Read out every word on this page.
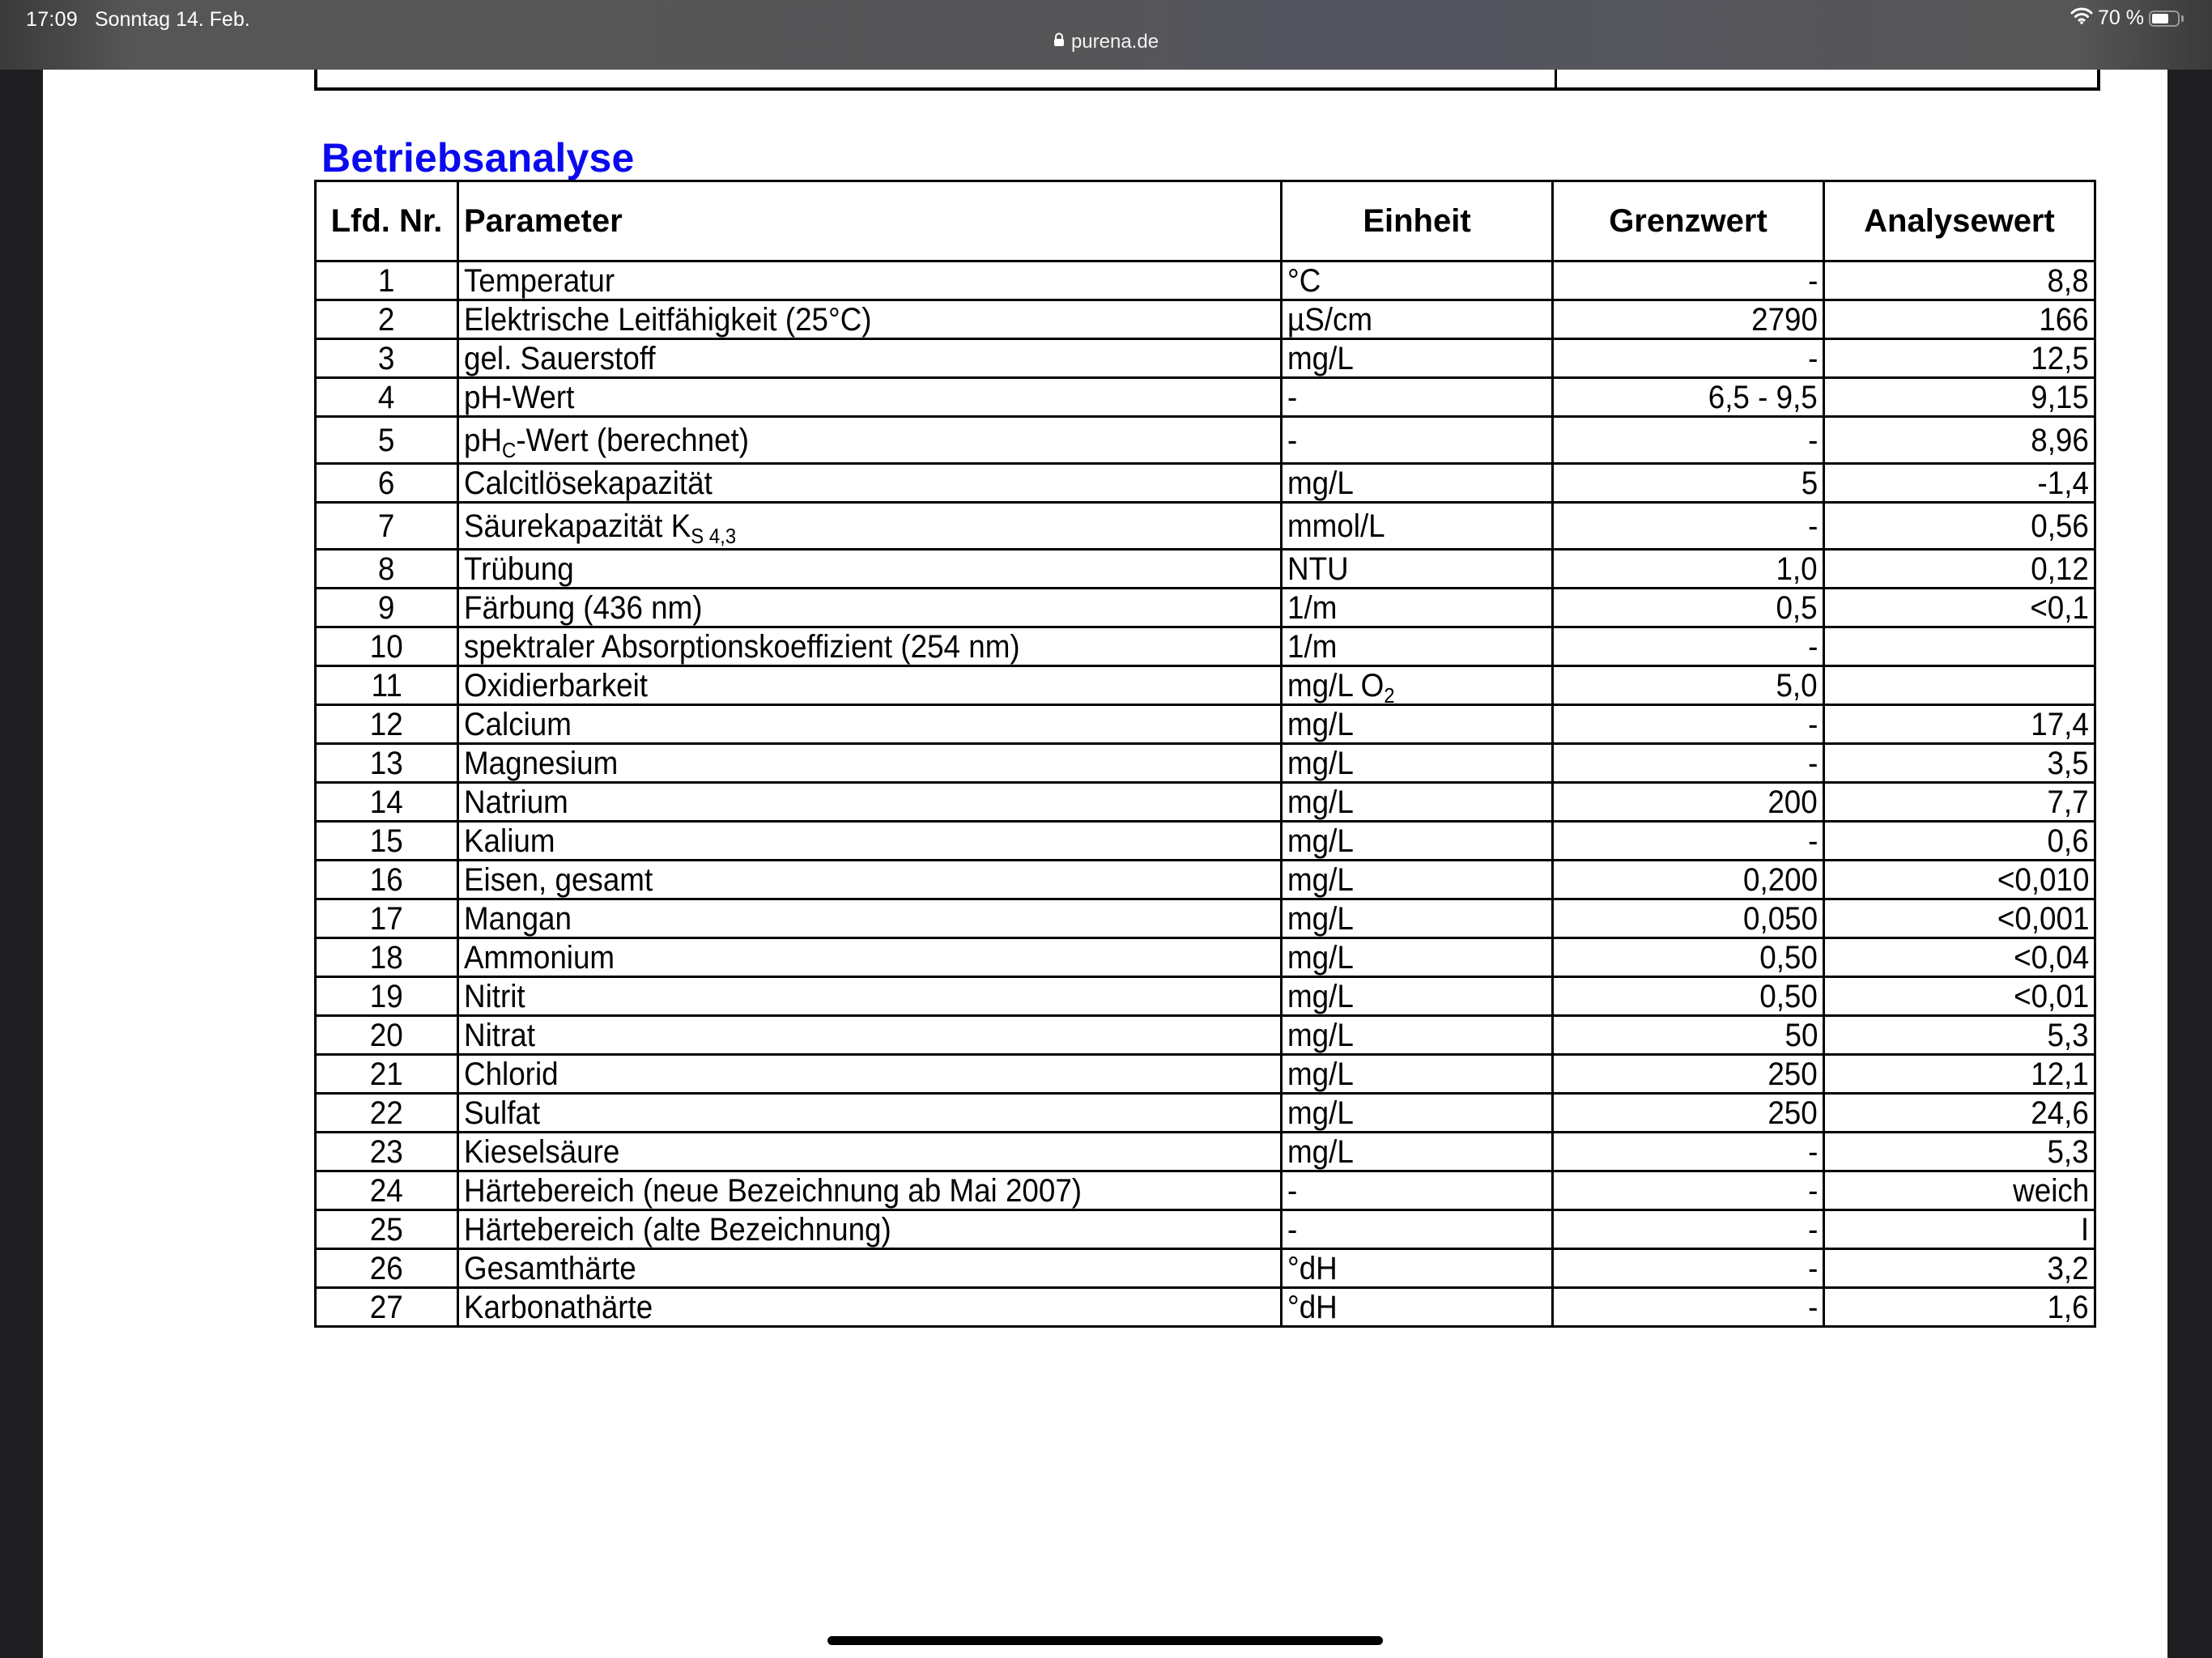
17:09 Sonntag 14. Feb.
purena.de
70 %
Betriebsanalyse
Lfd. Nr.	Parameter	Einheit	Grenzwert	Analysewert
1	Temperatur	°C	-	8,8
2	Elektrische Leitfähigkeit (25°C)	µS/cm	2790	166
3	gel. Sauerstoff	mg/L	-	12,5
4	pH-Wert	-	6,5 - 9,5	9,15
5	$pH_C$-Wert (berechnet)	-	-	8,96
6	Calcitlösekapazität	mg/L	5	-1,4
7	Säurekapazität $K_{S 4,3}$	mmol/L	-	0,56
8	Trübung	NTU	1,0	0,12
9	Färbung (436 nm)	1/m	0,5	<0,1
10	spektraler Absorptionskoeffizient (254 nm)	1/m	-	
11	Oxidierbarkeit	mg/L $O_2$	5,0	
12	Calcium	mg/L	-	17,4
13	Magnesium	mg/L	-	3,5
14	Natrium	mg/L	200	7,7
15	Kalium	mg/L	-	0,6
16	Eisen, gesamt	mg/L	0,200	<0,010
17	Mangan	mg/L	0,050	<0,001
18	Ammonium	mg/L	0,50	<0,04
19	Nitrit	mg/L	0,50	<0,01
20	Nitrat	mg/L	50	5,3
21	Chlorid	mg/L	250	12,1
22	Sulfat	mg/L	250	24,6
23	Kieselsäure	mg/L	-	5,3
24	Härtebereich (neue Bezeichnung ab Mai 2007)	-	-	weich
25	Härtebereich (alte Bezeichnung)	-	-	I
26	Gesamthärte	°dH	-	3,2
27	Karbonathärte	°dH	-	1,6
